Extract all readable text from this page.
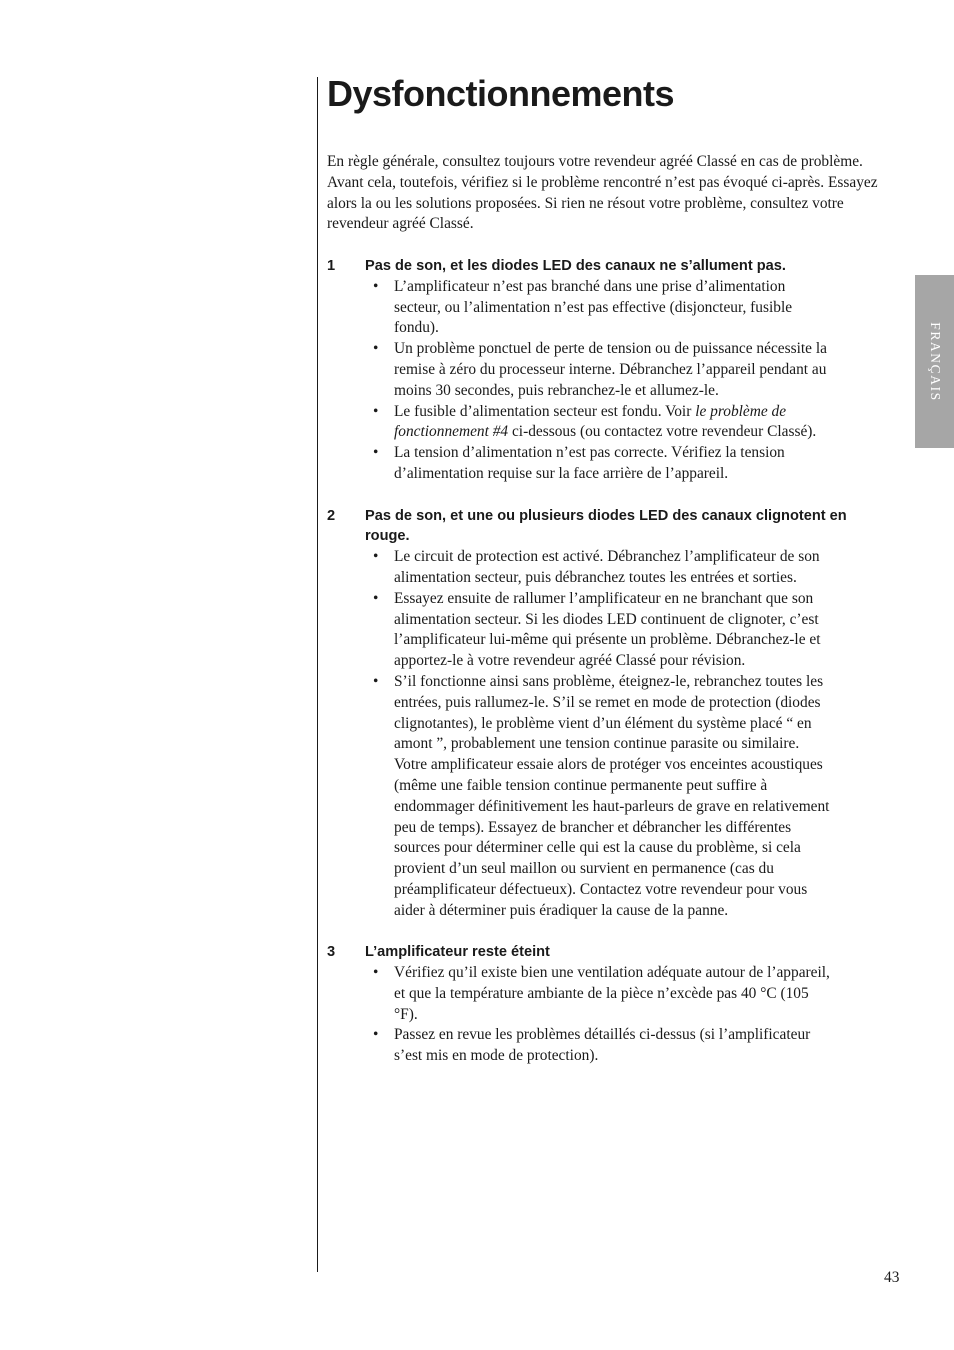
Dysfonctionnements

En règle générale, consultez toujours votre revendeur agréé Classé en cas de problème. Avant cela, toutefois, vérifiez si le problème rencontré n’est pas évoqué ci-après. Essayez alors la ou les solutions proposées. Si rien ne résout votre problème, consultez votre revendeur agréé Classé.

1	Pas de son, et les diodes LED des canaux ne s’allument pas.
• L’amplificateur n’est pas branché dans une prise d’alimentation secteur, ou l’alimentation n’est pas effective (disjoncteur, fusible fondu).
• Un problème ponctuel de perte de tension ou de puissance nécessite la remise à zéro du processeur interne. Débranchez l’appareil pendant au moins 30 secondes, puis rebranchez-le et allumez-le.
• Le fusible d’alimentation secteur est fondu. Voir le problème de fonctionnement #4 ci-dessous (ou contactez votre revendeur Classé).
• La tension d’alimentation n’est pas correcte. Vérifiez la tension d’alimentation requise sur la face arrière de l’appareil.
2	Pas de son, et une ou plusieurs diodes LED des canaux clignotent en rouge.
• Le circuit de protection est activé. Débranchez l’amplificateur de son alimentation secteur, puis débranchez toutes les entrées et sorties.
• Essayez ensuite de rallumer l’amplificateur en ne branchant que son alimentation secteur. Si les diodes LED continuent de clignoter, c’est l’amplificateur lui-même qui présente un problème. Débranchez-le et apportez-le à votre revendeur agréé Classé pour révision.
• S’il fonctionne ainsi sans problème, éteignez-le, rebranchez toutes les entrées, puis rallumez-le. S’il se remet en mode de protection (diodes clignotantes), le problème vient d’un élément du système placé “ en amont ”, probablement une tension continue parasite ou similaire. Votre amplificateur essaie alors de protéger vos enceintes acoustiques (même une faible tension continue permanente peut suffire à endommager définitivement les haut-parleurs de grave en relativement peu de temps). Essayez de brancher et débrancher les différentes sources pour déterminer celle qui est la cause du problème, si cela provient d’un seul maillon ou survient en permanence (cas du préamplificateur défectueux). Contactez votre revendeur pour vous aider à déterminer puis éradiquer la cause de la panne.
3	L’amplificateur reste éteint
• Vérifiez qu’il existe bien une ventilation adéquate autour de l’appareil, et que la température ambiante de la pièce n’excède pas 40 °C (105 °F).
• Passez en revue les problèmes détaillés ci-dessus (si l’amplificateur s’est mis en mode de protection).
FRANÇAIS
43
